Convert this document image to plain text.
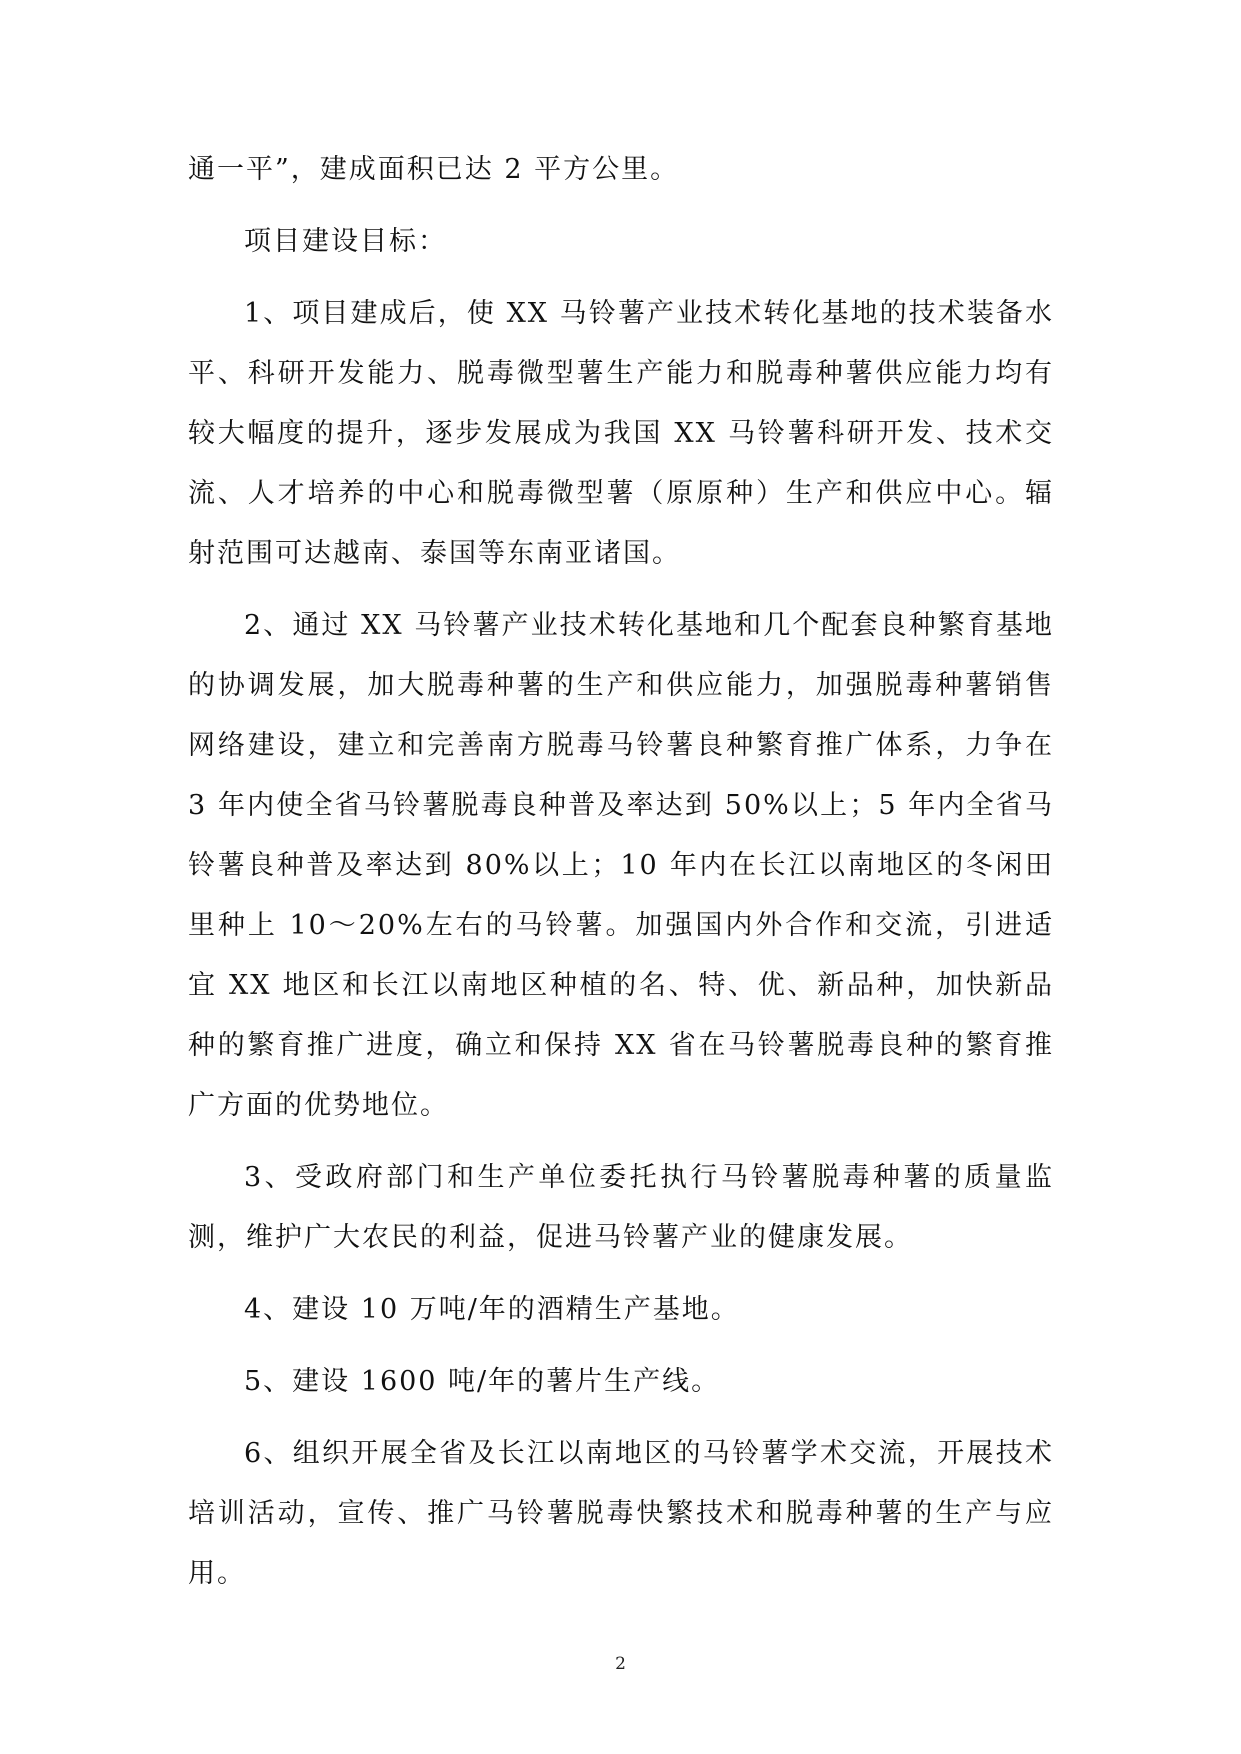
通一平”，建成面积已达 2 平方公里。

项目建设目标：

1、项目建成后，使 XX 马铃薯产业技术转化基地的技术装备水平、科研开发能力、脱毒微型薯生产能力和脱毒种薯供应能力均有较大幅度的提升，逐步发展成为我国 XX 马铃薯科研开发、技术交流、人才培养的中心和脱毒微型薯（原原种）生产和供应中心。辐射范围可达越南、泰国等东南亚诸国。

2、通过 XX 马铃薯产业技术转化基地和几个配套良种繁育基地的协调发展，加大脱毒种薯的生产和供应能力，加强脱毒种薯销售网络建设，建立和完善南方脱毒马铃薯良种繁育推广体系，力争在 3 年内使全省马铃薯脱毒良种普及率达到 50%以上；5 年内全省马铃薯良种普及率达到 80%以上；10 年内在长江以南地区的冬闲田里种上 10～20%左右的马铃薯。加强国内外合作和交流，引进适宜 XX 地区和长江以南地区种植的名、特、优、新品种，加快新品种的繁育推广进度，确立和保持 XX 省在马铃薯脱毒良种的繁育推广方面的优势地位。

3、受政府部门和生产单位委托执行马铃薯脱毒种薯的质量监测，维护广大农民的利益，促进马铃薯产业的健康发展。

4、建设 10 万吨/年的酒精生产基地。

5、建设 1600 吨/年的薯片生产线。

6、组织开展全省及长江以南地区的马铃薯学术交流，开展技术培训活动，宣传、推广马铃薯脱毒快繁技术和脱毒种薯的生产与应用。

2
